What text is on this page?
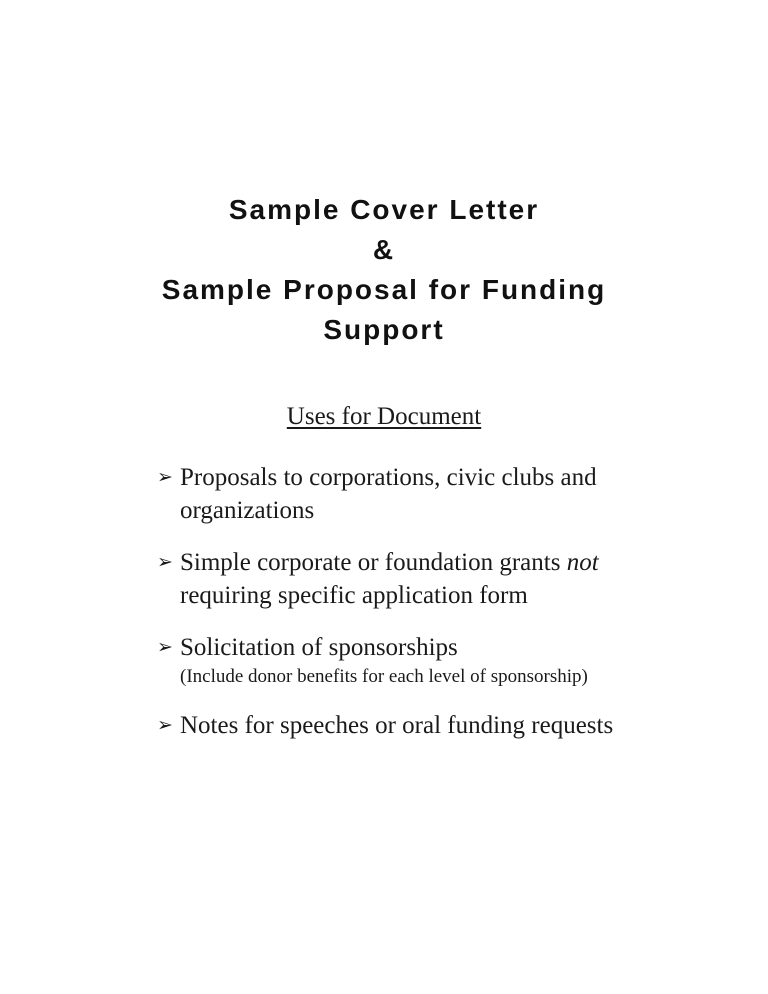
Sample Cover Letter
&
Sample Proposal for Funding
Support
Uses for Document
➢ Proposals to corporations, civic clubs and organizations
➢ Simple corporate or foundation grants not requiring specific application form
➢ Solicitation of sponsorships
(Include donor benefits for each level of sponsorship)
➢ Notes for speeches or oral funding requests
